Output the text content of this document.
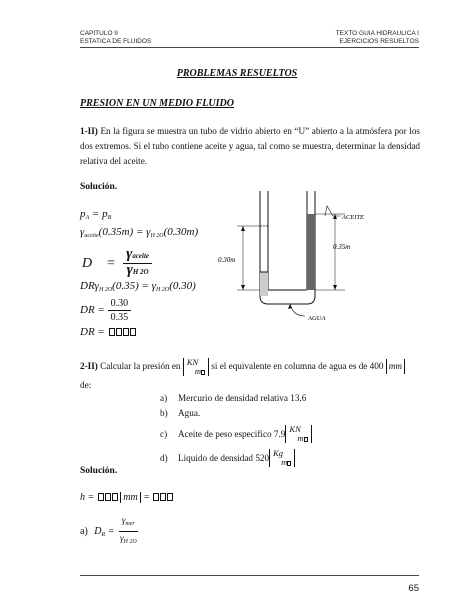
CAPITULO II
ESTATICA DE FLUIDOS
TEXTO GUIA HIDRAULICA I
EJERCICIOS RESUELTOS
PROBLEMAS RESUELTOS
PRESION EN UN MEDIO FLUIDO
1-II) En la figura se muestra un tubo de vidrio abierto en “U” abierto a la atmósfera por los dos extremos. Si el tubo contiene aceite y agua, tal como se muestra, determinar la densidad relativa del aceite.
Solución.
$p_A = p_B$
$\gamma_{aceite}(0.35m) = \gamma_{H 2O}(0.30m)$
$D = \frac{\text{γaceite}}{\gamma H 2O}$
$DR\gamma_{H 2O}(0.35) = \gamma_{H 2O}(0.30)$
DR = $\frac{0.30}{0.35}$
DR =
0.30m
0.35m
ACEITE
AGUA
2-II) Calcular la presión en KN
m	si el equivalente en columna de agua es de 400 mm
de:
a) Mercurio de densidad relativa 13.6
b) Agua.
c)	Aceite de peso especifico 7.9 KN
m
d)	Liquido de densidad 520 Kg
m
Solución.
h =	mm =
a) $D_R = \frac{\gamma_{mer}}{\gamma_{H 2O}}$
65
